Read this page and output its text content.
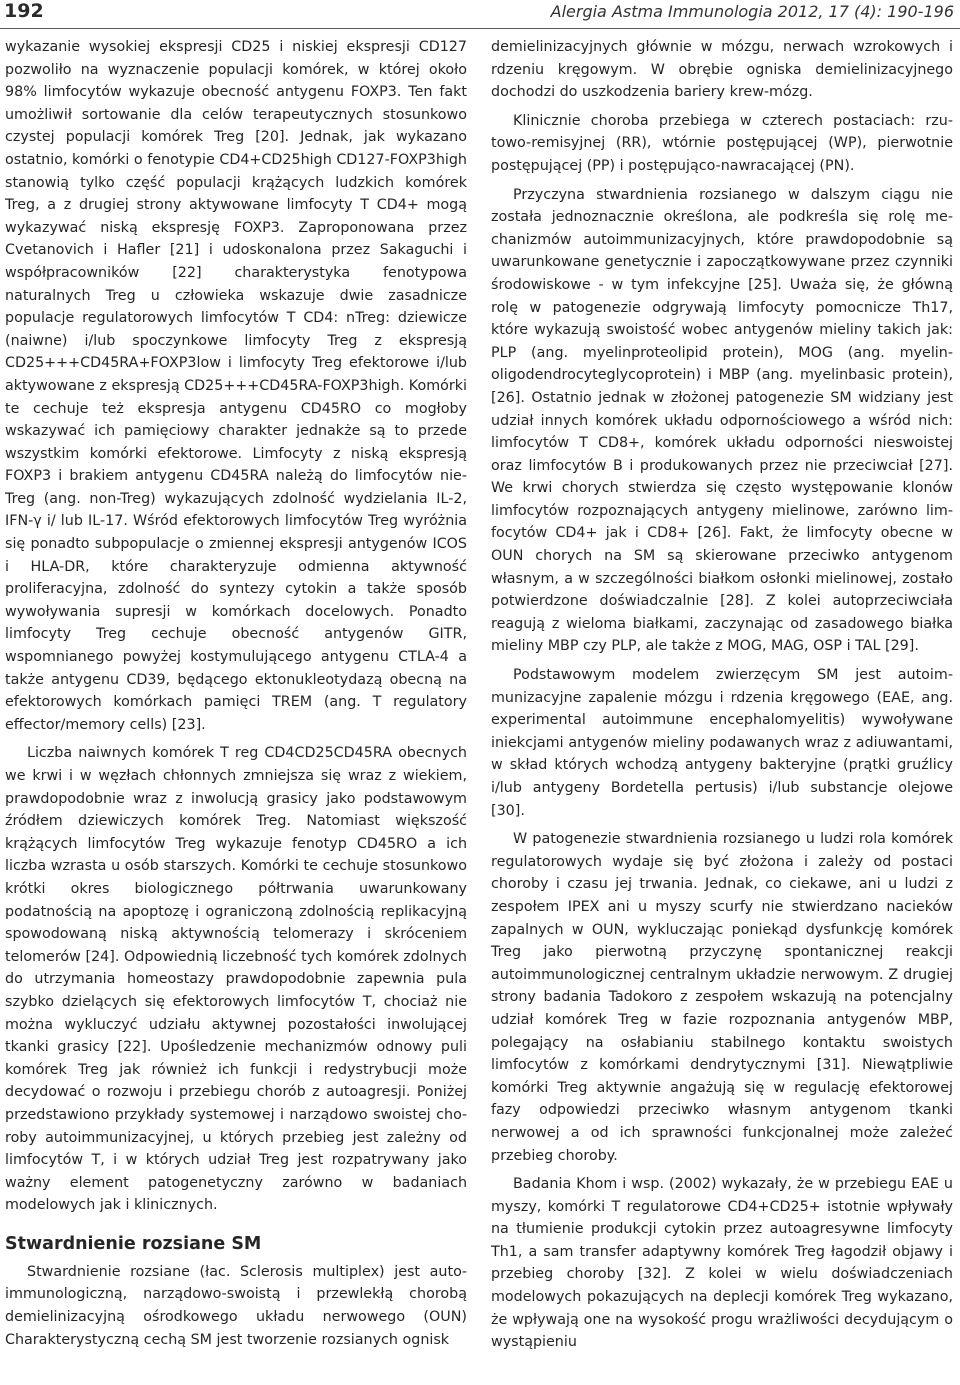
192	Alergia Astma Immunologia 2012, 17 (4): 190-196

wykazanie wysokiej ekspresji CD25 i niskiej ekspresji CD127 pozwoliło na wyznaczenie populacji komórek, w której około 98% limfocytów wykazuje obecność antygenu FOXP3. Ten fakt umożliwił sortowanie dla celów terapeutycznych stosunkowo czystej populacji komórek Treg [20]. Jednak, jak wykazano ostatnio, komórki o fenotypie CD4+CD25high CD127-FOXP3high stanowią tylko część populacji krążących ludzkich komórek Treg, a z drugiej strony aktywowane limfocyty T CD4+ mogą wykazywać niską ekspresję FOXP3. Zaproponowana przez Cvetanovich i Hafler [21] i udoskonalona przez Sakaguchi i współpracowników [22] charakterystyka fenotypowa naturalnych Treg u człowieka wskazuje dwie zasadnicze populacje regulatorowych limfocytów T CD4: nTreg: dziewicze (naiwne) i/lub spoczynkowe limfocyty Treg z ekspresją CD25+++CD45RA+FOXP3low i limfocyty Treg efektorowe i/lub aktywowane z ekspresją CD25+++CD45RA-FOXP3high. Komórki te cechuje też ekspresja antygenu CD45RO co mogłoby wskazywać ich pamięciowy charakter jednakże są to przede wszystkim komórki efektorowe. Limfocyty z niską ekspresją FOXP3 i brakiem antygenu CD45RA należą do limfocytów nie-Treg (ang. non-Treg) wykazujących zdolność wydzielania IL-2, IFN-γ i/ lub IL-17. Wśród efektorowych limfocytów Treg wyróżnia się ponadto subpopulacje o zmiennej ekspresji antygenów ICOS i HLA-DR, które charakteryzuje odmienna aktywność proliferacyjna, zdolność do syntezy cytokin a także sposób wywoływania supresji w komórkach docelowych. Ponadto limfocyty Treg cechuje obecność antygenów GITR, wspomnianego powyżej kostymulującego antygenu CTLA-4 a także antygenu CD39, będącego ektonukleotydazą obecną na efektorowych komórkach pamięci TREM (ang. T regulatory effector/memory cells) [23].

Liczba naiwnych komórek T reg CD4CD25CD45RA obecnych we krwi i w węzłach chłonnych zmniejsza się wraz z wiekiem, prawdopodobnie wraz z inwolucją grasicy jako podstawowym źródłem dziewiczych komórek Treg. Natomiast większość krążących limfocytów Treg wykazuje fenotyp CD45RO a ich liczba wzrasta u osób starszych. Komórki te cechuje stosunkowo krótki okres biologicznego półtrwania uwarunkowany podatnością na apoptozę i ograniczoną zdolnością replikacyjną spowodowaną niską aktywnością telomerazy i skróceniem telomerów [24]. Odpowiednią liczebność tych komórek zdolnych do utrzymania homeostazy prawdopodobnie zapewnia pula szybko dzielących się efektorowych limfocytów T, chociaż nie można wykluczyć udziału aktywnej pozostałości inwolującej tkanki grasicy [22]. Upośledzenie mechanizmów odnowy puli komórek Treg jak również ich funkcji i redystrybucji może decydować o rozwoju i przebiegu chorób z autoagresji. Poniżej przedstawiono przykłady systemowej i narządowo swoistej choroby autoimmunizacyjnej, u których przebieg jest zależny od limfocytów T, i w których udział Treg jest rozpatrywany jako ważny element patogenetyczny zarówno w badaniach modelowych jak i klinicznych.

Stwardnienie rozsiane SM

Stwardnienie rozsiane (łac. Sclerosis multiplex) jest autoimmunologiczną, narządowo-swoistą i przewlekłą chorobą demielinizacyjną ośrodkowego układu nerwowego (OUN) Charakterystyczną cechą SM jest tworzenie rozsianych ognisk

demielinizacyjnych głównie w mózgu, nerwach wzrokowych i rdzeniu kręgowym. W obrębie ogniska demielinizacyjnego dochodzi do uszkodzenia bariery krew-mózg.

Klinicznie choroba przebiega w czterech postaciach: rzutowo-remisyjnej (RR), wtórnie postępującej (WP), pierwotnie postępującej (PP) i postępująco-nawracającej (PN).

Przyczyna stwardnienia rozsianego w dalszym ciągu nie została jednoznacznie określona, ale podkreśla się rolę mechanizmów autoimmunizacyjnych, które prawdopodobnie są uwarunkowane genetycznie i zapoczątkowywane przez czynniki środowiskowe - w tym infekcyjne [25]. Uważa się, że główną rolę w patogenezie odgrywają limfocyty pomocnicze Th17, które wykazują swoistość wobec antygenów mieliny takich jak: PLP (ang. myelinproteolipid protein), MOG (ang. myelin-oligodendrocyteglycoprotein) i MBP (ang. myelinbasic protein), [26]. Ostatnio jednak w złożonej patogenezie SM widziany jest udział innych komórek układu odpornościowego a wśród nich: limfocytów T CD8+, komórek układu odporności nieswoistej oraz limfocytów B i produkowanych przez nie przeciwciał [27]. We krwi chorych stwierdza się często występowanie klonów limfocytów rozpoznających antygeny mielinowe, zarówno limfocytów CD4+ jak i CD8+ [26]. Fakt, że limfocyty obecne w OUN chorych na SM są skierowane przeciwko antygenom własnym, a w szczególności białkom osłonki mielinowej, zostało potwierdzone doświadczalnie [28]. Z kolei autoprzeciwciała reagują z wieloma białkami, zaczynając od zasadowego białka mieliny MBP czy PLP, ale także z MOG, MAG, OSP i TAL [29].

Podstawowym modelem zwierzęcym SM jest autoimmunizacyjne zapalenie mózgu i rdzenia kręgowego (EAE, ang. experimental autoimmune encephalomyelitis) wywoływane iniekcjami antygenów mieliny podawanych wraz z adiuwantami, w skład których wchodzą antygeny bakteryjne (prątki gruźlicy i/lub antygeny Bordetella pertusis) i/lub substancje olejowe [30].

W patogenezie stwardnienia rozsianego u ludzi rola komórek regulatorowych wydaje się być złożona i zależy od postaci choroby i czasu jej trwania. Jednak, co ciekawe, ani u ludzi z zespołem IPEX ani u myszy scurfy nie stwierdzano nacieków zapalnych w OUN, wykluczając poniekąd dysfunkcję komórek Treg jako pierwotną przyczynę spontanicznej reakcji autoimmunologicznej centralnym układzie nerwowym. Z drugiej strony badania Tadokoro z zespołem wskazują na potencjalny udział komórek Treg w fazie rozpoznania antygenów MBP, polegający na osłabianiu stabilnego kontaktu swoistych limfocytów z komórkami dendrytycznymi [31]. Niewątpliwie komórki Treg aktywnie angażują się w regulację efektorowej fazy odpowiedzi przeciwko własnym antygenom tkanki nerwowej a od ich sprawności funkcjonalnej może zależeć przebieg choroby.

Badania Khom i wsp. (2002) wykazały, że w przebiegu EAE u myszy, komórki T regulatorowe CD4+CD25+ istotnie wpływały na tłumienie produkcji cytokin przez autoagresywne limfocyty Th1, a sam transfer adaptywny komórek Treg łagodził objawy i przebieg choroby [32]. Z kolei w wielu doświadczeniach modelowych pokazujących na deplecji komórek Treg wykazano, że wpływają one na wysokość progu wrażliwości decydującym o wystąpieniu
